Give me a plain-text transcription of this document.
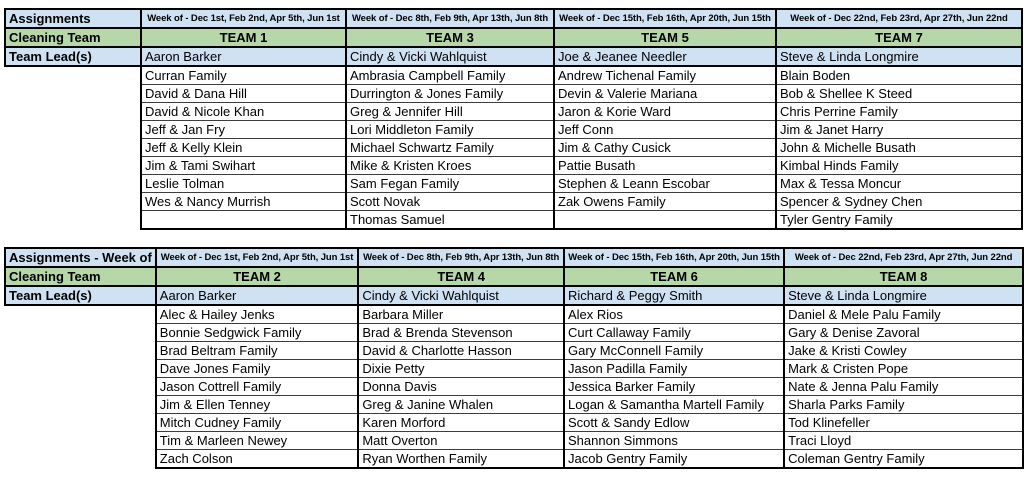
Assignments	Week of - Dec 1st, Feb 2nd, Apr 5th, Jun 1st	Week of - Dec 8th, Feb 9th, Apr 13th, Jun 8th	Week of - Dec 15th, Feb 16th, Apr 20th, Jun 15th	Week of - Dec 22nd, Feb 23rd, Apr 27th, Jun 22nd
Cleaning Team	TEAM 1	TEAM 3	TEAM 5	TEAM 7
Team Lead(s)	Aaron Barker	Cindy & Vicki Wahlquist	Joe & Jeanee Needler	Steve & Linda Longmire
	Curran Family	Ambrasia Campbell Family	Andrew Tichenal Family	Blain Boden
	David & Dana Hill	Durrington & Jones Family	Devin & Valerie Mariana	Bob & Shellee K Steed
	David & Nicole Khan	Greg & Jennifer Hill	Jaron & Korie Ward	Chris Perrine Family
	Jeff & Jan Fry	Lori Middleton Family	Jeff Conn	Jim & Janet Harry
	Jeff & Kelly Klein	Michael Schwartz Family	Jim & Cathy Cusick	John & Michelle Busath
	Jim & Tami Swihart	Mike & Kristen Kroes	Pattie Busath	Kimbal Hinds Family
	Leslie Tolman	Sam Fegan Family	Stephen & Leann Escobar	Max & Tessa Moncur
	Wes & Nancy Murrish	Scott Novak	Zak Owens Family	Spencer & Sydney Chen
		Thomas Samuel		Tyler Gentry Family
Assignments - Week of	Week of - Dec 1st, Feb 2nd, Apr 5th, Jun 1st	Week of - Dec 8th, Feb 9th, Apr 13th, Jun 8th	Week of - Dec 15th, Feb 16th, Apr 20th, Jun 15th	Week of - Dec 22nd, Feb 23rd, Apr 27th, Jun 22nd
Cleaning Team	TEAM 2	TEAM 4	TEAM 6	TEAM 8
Team Lead(s)	Aaron Barker	Cindy & Vicki Wahlquist	Richard & Peggy Smith	Steve & Linda Longmire
	Alec & Hailey Jenks	Barbara Miller	Alex Rios	Daniel & Mele Palu Family
	Bonnie Sedgwick Family	Brad & Brenda Stevenson	Curt Callaway Family	Gary & Denise Zavoral
	Brad Beltram Family	David & Charlotte Hasson	Gary McConnell Family	Jake & Kristi Cowley
	Dave Jones Family	Dixie Petty	Jason Padilla Family	Mark & Cristen Pope
	Jason Cottrell Family	Donna Davis	Jessica Barker Family	Nate & Jenna Palu Family
	Jim & Ellen Tenney	Greg & Janine Whalen	Logan & Samantha Martell Family	Sharla Parks Family
	Mitch Cudney Family	Karen Morford	Scott & Sandy Edlow	Tod Klinefeller
	Tim & Marleen Newey	Matt Overton	Shannon Simmons	Traci Lloyd
	Zach Colson	Ryan Worthen Family	Jacob Gentry Family	Coleman Gentry Family
